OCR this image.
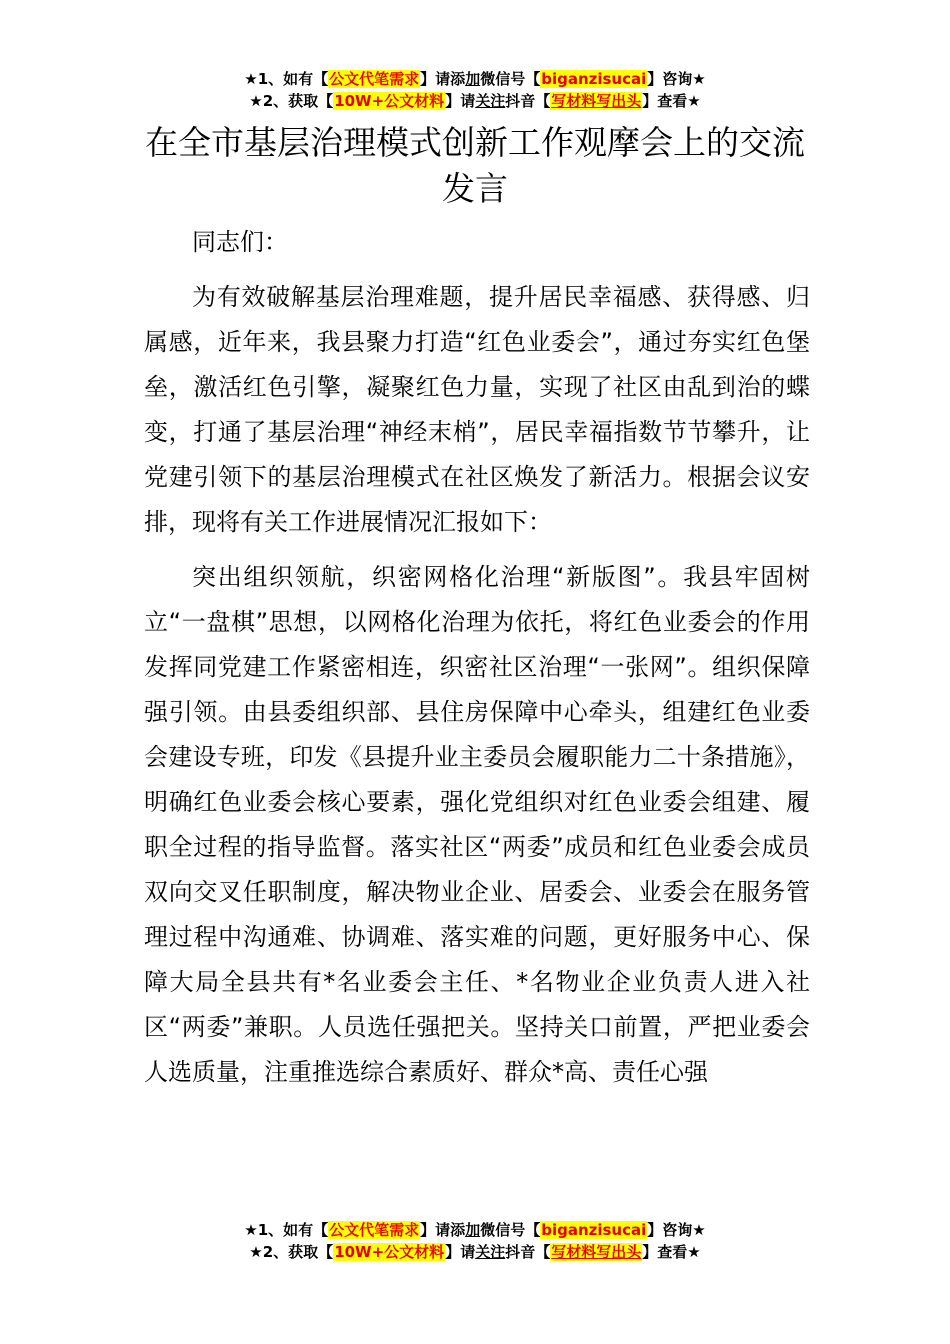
★1、如有【公文代笔需求】请添加微信号【biganzisucai】咨询★
★2、获取【10W+公文材料】请关注抖音【写材料写出头】查看★
在全市基层治理模式创新工作观摩会上的交流发言

同志们：

为有效破解基层治理难题，提升居民幸福感、获得感、归属感，近年来，我县聚力打造“红色业委会”，通过夯实红色堡垒，激活红色引擎，凝聚红色力量，实现了社区由乱到治的蝶变，打通了基层治理“神经末梢”，居民幸福指数节节攀升，让党建引领下的基层治理模式在社区焕发了新活力。根据会议安排，现将有关工作进展情况汇报如下：

突出组织领航，织密网格化治理“新版图”。我县牢固树立“一盘棋”思想，以网格化治理为依托，将红色业委会的作用发挥同党建工作紧密相连，织密社区治理“一张网”。组织保障强引领。由县委组织部、县住房保障中心牵头，组建红色业委会建设专班，印发《县提升业主委员会履职能力二十条措施》，明确红色业委会核心要素，强化党组织对红色业委会组建、履职全过程的指导监督。落实社区“两委”成员和红色业委会成员双向交叉任职制度，解决物业企业、居委会、业委会在服务管理过程中沟通难、协调难、落实难的问题，更好服务中心、保障大局全县共有*名业委会主任、*名物业企业负责人进入社区“两委”兼职。人员选任强把关。坚持关口前置，严把业委会人选质量，注重推选综合素质好、群众*高、责任心强

★1、如有【公文代笔需求】请添加微信号【biganzisucai】咨询★
★2、获取【10W+公文材料】请关注抖音【写材料写出头】查看★
